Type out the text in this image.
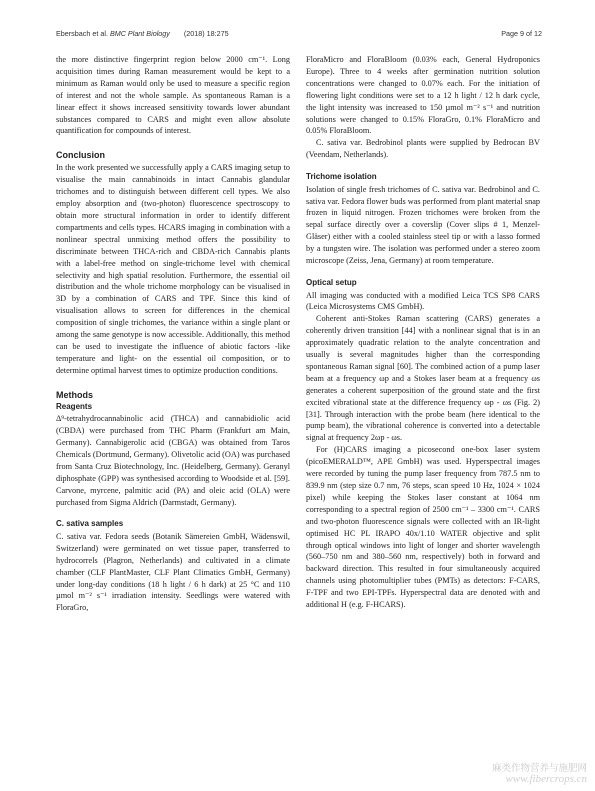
Ebersbach et al. BMC Plant Biology (2018) 18:275	Page 9 of 12

the more distinctive fingerprint region below 2000 cm⁻¹. Long acquisition times during Raman measurement would be kept to a minimum as Raman would only be used to measure a specific region of interest and not the whole sample. As spontaneous Raman is a linear effect it shows increased sensitivity towards lower abundant substances compared to CARS and might even allow absolute quantification for compounds of interest.

Conclusion

In the work presented we successfully apply a CARS imaging setup to visualise the main cannabinoids in intact Cannabis glandular trichomes and to distinguish between different cell types. We also employ absorption and (two-photon) fluorescence spectroscopy to obtain more structural information in order to identify different compartments and cells types. HCARS imaging in combination with a nonlinear spectral unmixing method offers the possibility to discriminate between THCA-rich and CBDA-rich Cannabis plants with a label-free method on single-trichome level with chemical selectivity and high spatial resolution. Furthermore, the essential oil distribution and the whole trichome morphology can be visualised in 3D by a combination of CARS and TPF. Since this kind of visualisation allows to screen for differences in the chemical composition of single trichomes, the variance within a single plant or among the same genotype is now accessible. Additionally, this method can be used to investigate the influence of abiotic factors -like temperature and light- on the essential oil composition, or to determine optimal harvest times to optimize production conditions.

Methods
Reagents

Δ⁹-tetrahydrocannabinolic acid (THCA) and cannabidiolic acid (CBDA) were purchased from THC Pharm (Frankfurt am Main, Germany). Cannabigerolic acid (CBGA) was obtained from Taros Chemicals (Dortmund, Germany). Olivetolic acid (OA) was purchased from Santa Cruz Biotechnology, Inc. (Heidelberg, Germany). Geranyl diphosphate (GPP) was synthesised according to Woodside et al. [59]. Carvone, myrcene, palmitic acid (PA) and oleic acid (OLA) were purchased from Sigma Aldrich (Darmstadt, Germany).

C. sativa samples

C. sativa var. Fedora seeds (Botanik Sämereien GmbH, Wädenswil, Switzerland) were germinated on wet tissue paper, transferred to hydrocorrels (Plagron, Netherlands) and cultivated in a climate chamber (CLF PlantMaster, CLF Plant Climatics GmbH, Germany) under long-day conditions (18 h light / 6 h dark) at 25 °C and 110 µmol m⁻² s⁻¹ irradiation intensity. Seedlings were watered with FloraGro,

FloraMicro and FloraBloom (0.03% each, General Hydroponics Europe). Three to 4 weeks after germination nutrition solution concentrations were changed to 0.07% each. For the initiation of flowering light conditions were set to a 12 h light / 12 h dark cycle, the light intensity was increased to 150 µmol m⁻² s⁻¹ and nutrition solutions were changed to 0.15% FloraGro, 0.1% FloraMicro and 0.05% FloraBloom.

C. sativa var. Bedrobinol plants were supplied by Bedrocan BV (Veendam, Netherlands).

Trichome isolation

Isolation of single fresh trichomes of C. sativa var. Bedrobinol and C. sativa var. Fedora flower buds was performed from plant material snap frozen in liquid nitrogen. Frozen trichomes were broken from the sepal surface directly over a coverslip (Cover slips # 1, Menzel-Gläser) either with a cooled stainless steel tip or with a lasso formed by a tungsten wire. The isolation was performed under a stereo zoom microscope (Zeiss, Jena, Germany) at room temperature.

Optical setup

All imaging was conducted with a modified Leica TCS SP8 CARS (Leica Microsystems CMS GmbH).

Coherent anti-Stokes Raman scattering (CARS) generates a coherently driven transition [44] with a nonlinear signal that is in an approximately quadratic relation to the analyte concentration and usually is several magnitudes higher than the corresponding spontaneous Raman signal [60]. The combined action of a pump laser beam at a frequency ωp and a Stokes laser beam at a frequency ωs generates a coherent superposition of the ground state and the first excited vibrational state at the difference frequency ωp - ωs (Fig. 2) [31]. Through interaction with the probe beam (here identical to the pump beam), the vibrational coherence is converted into a detectable signal at frequency 2ωp - ωs.

For (H)CARS imaging a picosecond one-box laser system (picoEMERALD™, APE GmbH) was used. Hyperspectral images were recorded by tuning the pump laser frequency from 787.5 nm to 839.9 nm (step size 0.7 nm, 76 steps, scan speed 10 Hz, 1024 × 1024 pixel) while keeping the Stokes laser constant at 1064 nm corresponding to a spectral region of 2500 cm⁻¹ – 3300 cm⁻¹. CARS and two-photon fluorescence signals were collected with an IR-light optimised HC PL IRAPO 40x/1.10 WATER objective and split through optical windows into light of longer and shorter wavelength (560–750 nm and 380–560 nm, respectively) both in forward and backward direction. This resulted in four simultaneously acquired channels using photomultiplier tubes (PMTs) as detectors: F-CARS, F-TPF and two EPI-TPFs. Hyperspectral data are denoted with and additional H (e.g. F-HCARS).

麻类作物营养与施肥网
www.fibercrops.cn
